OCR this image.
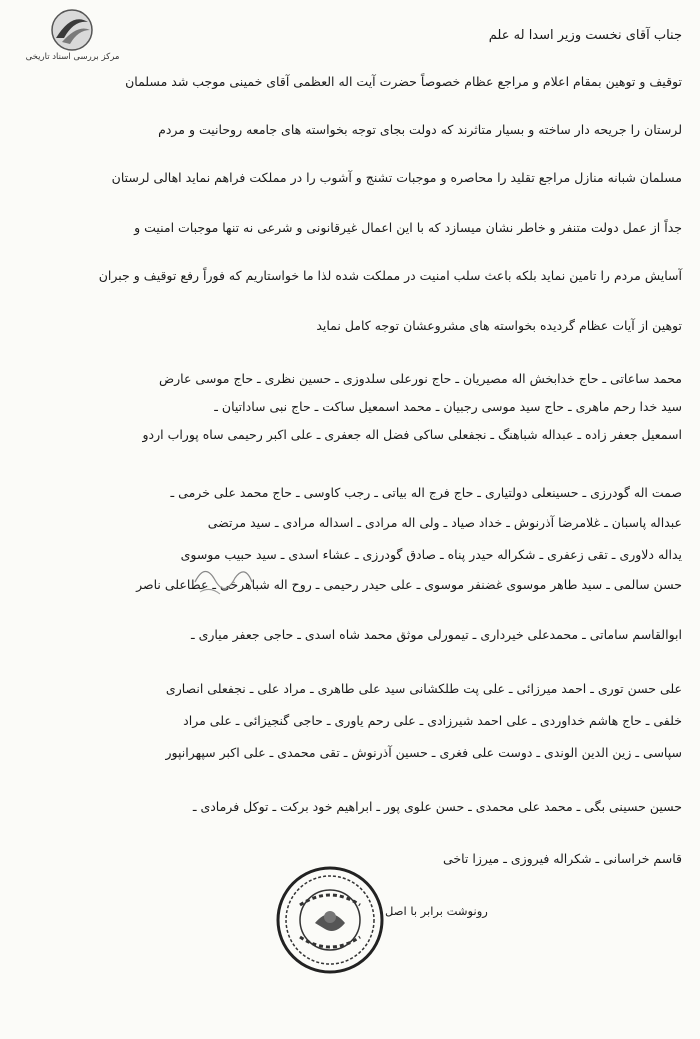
مرکز بررسی اسناد تاریخی
جناب آقای نخست وزیر اسدا له علم
توقیف و توهین بمقام اعلام و مراجع عظام خصوصاً حضرت آیت اله العظمی آقای خمینی موجب شد مسلمان
لرستان را جریحه دار ساخته و بسیار متاثرند که دولت بجای توجه بخواسته های جامعه روحانیت و مردم
مسلمان شبانه منازل مراجع تقلید را محاصره و موجبات تشنج و آشوب را در مملکت فراهم نماید اهالی لرستان
جداً از عمل دولت متنفر و خاطر نشان میسازد که با این اعمال غیرقانونی و شرعی نه تنها موجبات امنیت و
آسایش مردم را تامین نماید بلکه باعث سلب امنیت در مملکت شده لذا ما خواستاریم که فوراً رفع توقیف و جبران
توهین از آیات عظام گردیده بخواسته های مشروعشان توجه کامل نماید
محمد ساعاتی ـ حاج خدابخش اله مصیریان ـ حاج نورعلی سلدوزی ـ حسین نظری ـ حاج موسی عارض
سید خدا رحم ماهری ـ حاج سید موسی رجبیان ـ محمد اسمعیل ساکت ـ حاج نبی ساداتیان ـ
اسمعیل جعفر زاده ـ عبداله شباهنگ ـ نجفعلی ساکی فضل اله جعفری ـ علی اکبر رحیمی ساه پوراب اردو
صمت اله گودرزی ـ حسینعلی دولتیاری ـ حاج فرج اله بیاتی ـ رجب کاوسی ـ حاج محمد علی خرمی ـ
عبداله پاسبان ـ غلامرضا آذرنوش ـ خداد صیاد ـ ولی اله مرادی ـ اسداله مرادی ـ سید مرتضی
یداله دلاوری ـ تقی زعفری ـ شکراله حیدر پناه ـ صادق گودرزی ـ عشاء اسدی ـ سید حبیب موسوی
حسن سالمی ـ سید طاهر موسوی غضنفر موسوی ـ علی حیدر رحیمی ـ روح اله شباهرخی ـ عطاعلی ناصر
ابوالقاسم ساماتی ـ محمدعلی خیرداری ـ تیمورلی موثق محمد شاه اسدی ـ حاجی جعفر میاری ـ
علی حسن توری ـ احمد میرزائی ـ علی پت طلکشانی سید علی طاهری ـ مراد علی ـ نجفعلی انصاری
خلفی ـ حاج هاشم خداوردی ـ علی احمد شیرزادی ـ علی رحم یاوری ـ حاجی گنجیزائی ـ علی مراد
سپاسی ـ زین الدین الوندی ـ دوست علی فغری ـ حسین آذرنوش ـ تقی محمدی ـ علی اکبر سپهرانپور
حسین حسینی بگی ـ محمد علی محمدی ـ حسن علوی پور ـ ابراهیم خود برکت ـ توکل فرمادی ـ
قاسم خراسانی ـ شکراله فیروزی ـ میرزا تاخی
رونوشت برابر با اصل
